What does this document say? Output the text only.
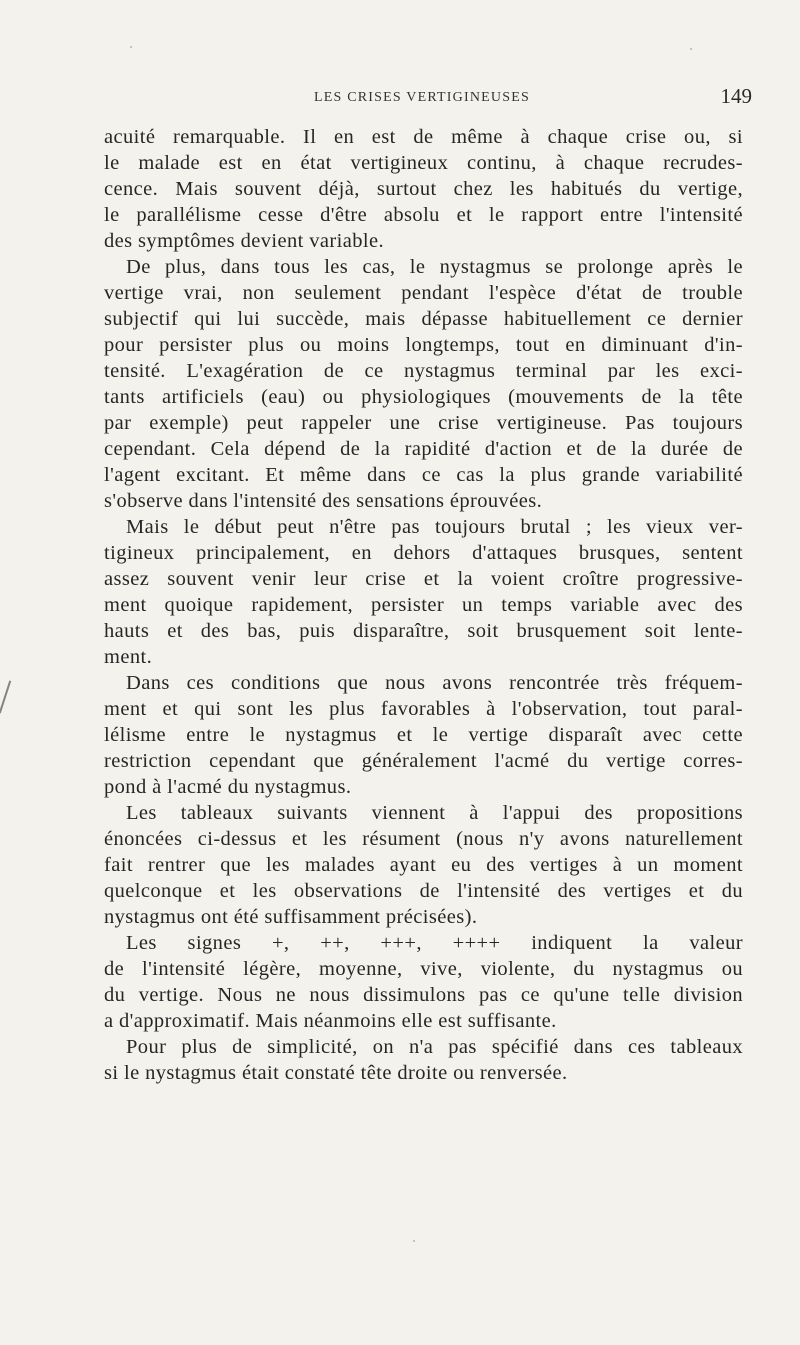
LES CRISES VERTIGINEUSES	149

acuité remarquable. Il en est de même à chaque crise ou, si
le malade est en état vertigineux continu, à chaque recrudes-
cence. Mais souvent déjà, surtout chez les habitués du vertige,
le parallélisme cesse d'être absolu et le rapport entre l'intensité
des symptômes devient variable.

De plus, dans tous les cas, le nystagmus se prolonge après le
vertige vrai, non seulement pendant l'espèce d'état de trouble
subjectif qui lui succède, mais dépasse habituellement ce dernier
pour persister plus ou moins longtemps, tout en diminuant d'in-
tensité. L'exagération de ce nystagmus terminal par les exci-
tants artificiels (eau) ou physiologiques (mouvements de la tête
par exemple) peut rappeler une crise vertigineuse. Pas toujours
cependant. Cela dépend de la rapidité d'action et de la durée de
l'agent excitant. Et même dans ce cas la plus grande variabilité
s'observe dans l'intensité des sensations éprouvées.

Mais le début peut n'être pas toujours brutal ; les vieux ver-
tigineux principalement, en dehors d'attaques brusques, sentent
assez souvent venir leur crise et la voient croître progressive-
ment quoique rapidement, persister un temps variable avec des
hauts et des bas, puis disparaître, soit brusquement soit lente-
ment.

Dans ces conditions que nous avons rencontrée très fréquem-
ment et qui sont les plus favorables à l'observation, tout paral-
lélisme entre le nystagmus et le vertige disparaît avec cette
restriction cependant que généralement l'acmé du vertige corres-
pond à l'acmé du nystagmus.

Les tableaux suivants viennent à l'appui des propositions
énoncées ci-dessus et les résument (nous n'y avons naturellement
fait rentrer que les malades ayant eu des vertiges à un moment
quelconque et les observations de l'intensité des vertiges et du
nystagmus ont été suffisamment précisées).

Les signes +, ++, +++, ++++ indiquent la valeur
de l'intensité légère, moyenne, vive, violente, du nystagmus ou
du vertige. Nous ne nous dissimulons pas ce qu'une telle division
a d'approximatif. Mais néanmoins elle est suffisante.

Pour plus de simplicité, on n'a pas spécifié dans ces tableaux
si le nystagmus était constaté tête droite ou renversée.
